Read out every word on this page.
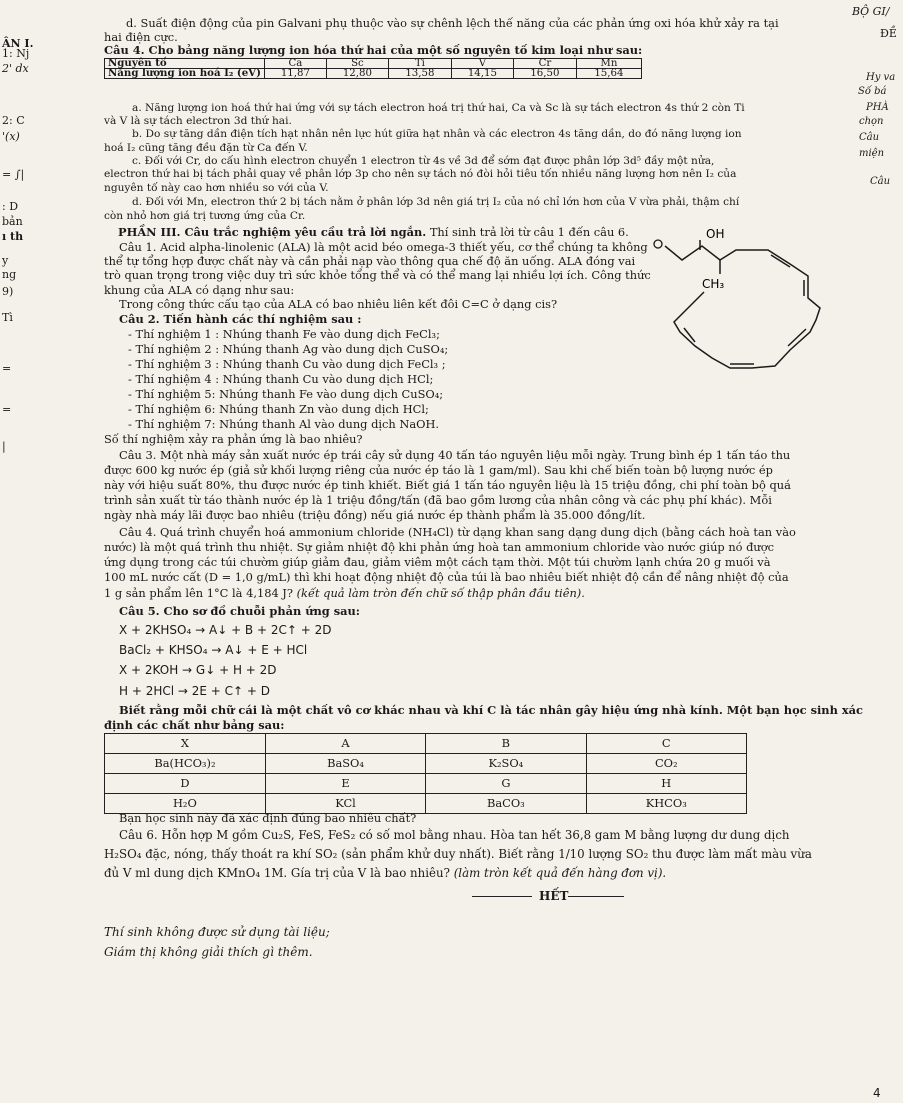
ÂN I.
1: Nj
2' dx
2: C
'(x)
= ∫|
: D
bản
ı th
y
ng
9)
Tì
=
=
|
BỘ GI/
ĐỀ
Hy va
Số bá
PHÀ
chọn
Câu
miện
Câu
d. Suất điện động của pin Galvani phụ thuộc vào sự chênh lệch thế năng của các phản ứng oxi hóa khử xảy ra tại
hai điện cực.
Câu 4. Cho bảng năng lượng ion hóa thứ hai của một số nguyên tố kim loại như sau:
Nguyên tố	Ca	Sc	Ti	V	Cr	Mn
Năng lượng ion hoá I₂ (eV)	11,87	12,80	13,58	14,15	16,50	15,64
a. Năng lượng ion hoá thứ hai ứng với sự tách electron hoá trị thứ hai, Ca và Sc là sự tách electron 4s thứ 2 còn Ti
và V là sự tách electron 3d thứ hai.
b. Do sự tăng dần điện tích hạt nhân nên lực hút giữa hạt nhân và các electron 4s tăng dần, do đó năng lượng ion
hoá I₂ cũng tăng đều đặn từ Ca đến V.
c. Đối với Cr, do cấu hình electron chuyển 1 electron từ 4s về 3d để sớm đạt được phân lớp 3d⁵ đầy một nửa,
electron thứ hai bị tách phải quay về phân lớp 3p cho nên sự tách nó đòi hỏi tiêu tốn nhiều năng lượng hơn nên I₂ của
nguyên tố này cao hơn nhiều so với của V.
d. Đối với Mn, electron thứ 2 bị tách nằm ở phân lớp 3d nên giá trị I₂ của nó chỉ lớn hơn của V vừa phải, thậm chí
còn nhỏ hơn giá trị tương ứng của Cr.
PHẦN III. Câu trắc nghiệm yêu cầu trả lời ngắn. Thí sinh trả lời từ câu 1 đến câu 6.
Câu 1. Acid alpha-linolenic (ALA) là một acid béo omega-3 thiết yếu, cơ thể chúng ta không
thể tự tổng hợp được chất này và cần phải nạp vào thông qua chế độ ăn uống. ALA đóng vai
trò quan trọng trong việc duy trì sức khỏe tổng thể và có thể mang lại nhiều lợi ích. Công thức
khung của ALA có dạng như sau:
Trong công thức cấu tạo của ALA có bao nhiêu liên kết đôi C=C ở dạng cis?
OH
CH₃
Câu 2. Tiến hành các thí nghiệm sau :
- Thí nghiệm 1 : Nhúng thanh Fe vào dung dịch FeCl₃;
- Thí nghiệm 2 : Nhúng thanh Ag vào dung dịch CuSO₄;
- Thí nghiệm 3 : Nhúng thanh Cu vào dung dịch FeCl₃ ;
- Thí nghiệm 4 : Nhúng thanh Cu vào dung dịch HCl;
- Thí nghiệm 5: Nhúng thanh Fe vào dung dịch CuSO₄;
- Thí nghiệm 6: Nhúng thanh Zn vào dung dịch HCl;
- Thí nghiệm 7: Nhúng thanh Al vào dung dịch NaOH.
Số thí nghiệm xảy ra phản ứng là bao nhiêu?
Câu 3. Một nhà máy sản xuất nước ép trái cây sử dụng 40 tấn táo nguyên liệu mỗi ngày. Trung bình ép 1 tấn táo thu
được 600 kg nước ép (giả sử khối lượng riêng của nước ép táo là 1 gam/ml). Sau khi chế biến toàn bộ lượng nước ép
này với hiệu suất 80%, thu được nước ép tinh khiết. Biết giá 1 tấn táo nguyên liệu là 15 triệu đồng, chi phí toàn bộ quá
trình sản xuất từ táo thành nước ép là 1 triệu đồng/tấn (đã bao gồm lương của nhân công và các phụ phí khác). Mỗi
ngày nhà máy lãi được bao nhiêu (triệu đồng) nếu giá nước ép thành phẩm là 35.000 đồng/lít.
Câu 4. Quá trình chuyển hoá ammonium chloride (NH₄Cl) từ dạng khan sang dạng dung dịch (bằng cách hoà tan vào
nước) là một quá trình thu nhiệt. Sự giảm nhiệt độ khi phản ứng hoà tan ammonium chloride vào nước giúp nó được
ứng dụng trong các túi chườm giúp giảm đau, giảm viêm một cách tạm thời. Một túi chườm lạnh chứa 20 g muối và
100 mL nước cất (D = 1,0 g/mL) thì khi hoạt động nhiệt độ của túi là bao nhiêu biết nhiệt độ cần để nâng nhiệt độ của
1 g sản phẩm lên 1°C là 4,184 J? (kết quả làm tròn đến chữ số thập phân đầu tiên).
Câu 5. Cho sơ đồ chuỗi phản ứng sau:
X + 2KHSO₄ → A↓ + B + 2C↑ + 2D
BaCl₂ + KHSO₄ → A↓ + E + HCl
X + 2KOH → G↓ + H + 2D
H + 2HCl → 2E + C↑ + D
Biết rằng mỗi chữ cái là một chất vô cơ khác nhau và khí C là tác nhân gây hiệu ứng nhà kính. Một bạn học sinh xác
định các chất như bảng sau:
X	A	B	C
Ba(HCO₃)₂	BaSO₄	K₂SO₄	CO₂
D	E	G	H
H₂O	KCl	BaCO₃	KHCO₃
Bạn học sinh này đã xác định đúng bao nhiêu chất?
Câu 6. Hỗn hợp M gồm Cu₂S, FeS, FeS₂ có số mol bằng nhau. Hòa tan hết 36,8 gam M bằng lượng dư dung dịch
H₂SO₄ đặc, nóng, thấy thoát ra khí SO₂ (sản phẩm khử duy nhất). Biết rằng 1/10 lượng SO₂ thu được làm mất màu vừa
đủ V ml dung dịch KMnO₄ 1M. Gía trị của V là bao nhiêu? (làm tròn kết quả đến hàng đơn vị).
HẾT
Thí sinh không được sử dụng tài liệu;
Giám thị không giải thích gì thêm.
4
